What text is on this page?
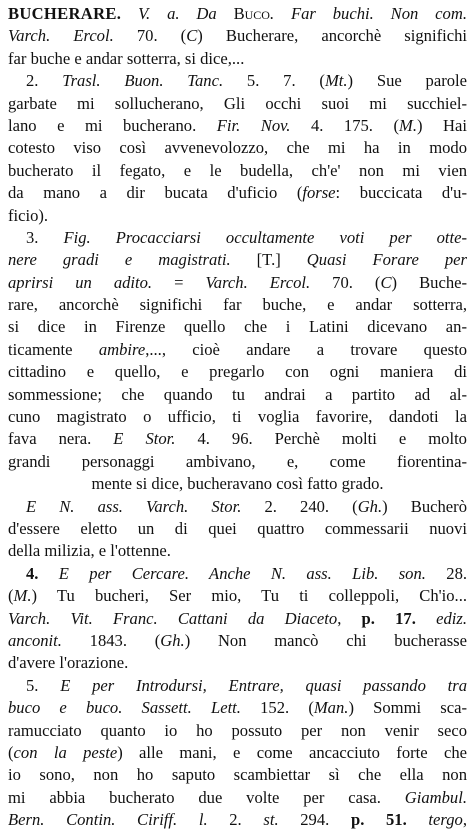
BUCHERARE. V. a. Da Buco. Far buchi. Non com.
Varch. Ercol. 70. (C) Bucherare, ancorchè significhi
far buche e andar sotterra, si dice,...
2. Trasl. Buon. Tanc. 5. 7. (Mt.) Sue parole
garbate mi sollucherano, Gli occhi suoi mi succhiel-
lano e mi bucherano. Fir. Nov. 4. 175. (M.) Hai
cotesto viso così avvenevolozzo, che mi ha in modo
bucherato il fegato, e le budella, ch'e' non mi vien
da mano a dir bucata d'uficio (forse: buccicata d'u-
ficio).
3. Fig. Procacciarsi occultamente voti per otte-
nere gradi e magistrati. [T.] Quasi Forare per
aprirsi un adito. = Varch. Ercol. 70. (C) Buche-
rare, ancorchè significhi far buche, e andar sotterra,
si dice in Firenze quello che i Latini dicevano an-
ticamente ambire,..., cioè andare a trovare questo
cittadino e quello, e pregarlo con ogni maniera di
sommessione; che quando tu andrai a partito ad al-
cuno magistrato o ufficio, ti voglia favorire, dandoti la
fava nera. E Stor. 4. 96. Perchè molti e molto
grandi personaggi ambivano, e, come fiorentina-
mente si dice, bucheravano così fatto grado.
E N. ass. Varch. Stor. 2. 240. (Gh.) Bucherò
d'essere eletto un di quei quattro commessarii nuovi
della milizia, e l'ottenne.
4. E per Cercare. Anche N. ass. Lib. son. 28.
(M.) Tu bucheri, Ser mio, Tu ti colleppoli, Ch'io...
Varch. Vit. Franc. Cattani da Diaceto, p. 17. ediz.
anconit. 1843. (Gh.) Non mancò chi bucherasse
d'avere l'orazione.
5. E per Introdursi, Entrare, quasi passando tra
buco e buco. Sassett. Lett. 152. (Man.) Sommi sca-
ramucciato quanto io ho possuto per non venir seco
(con la peste) alle mani, e come ancacciuto forte che
io sono, non ho saputo scambiettar sì che ella non
mi abbia bucherato due volte per casa. Giambul.
Bern. Contin. Ciriff. l. 2. st. 294. p. 51. tergo,
